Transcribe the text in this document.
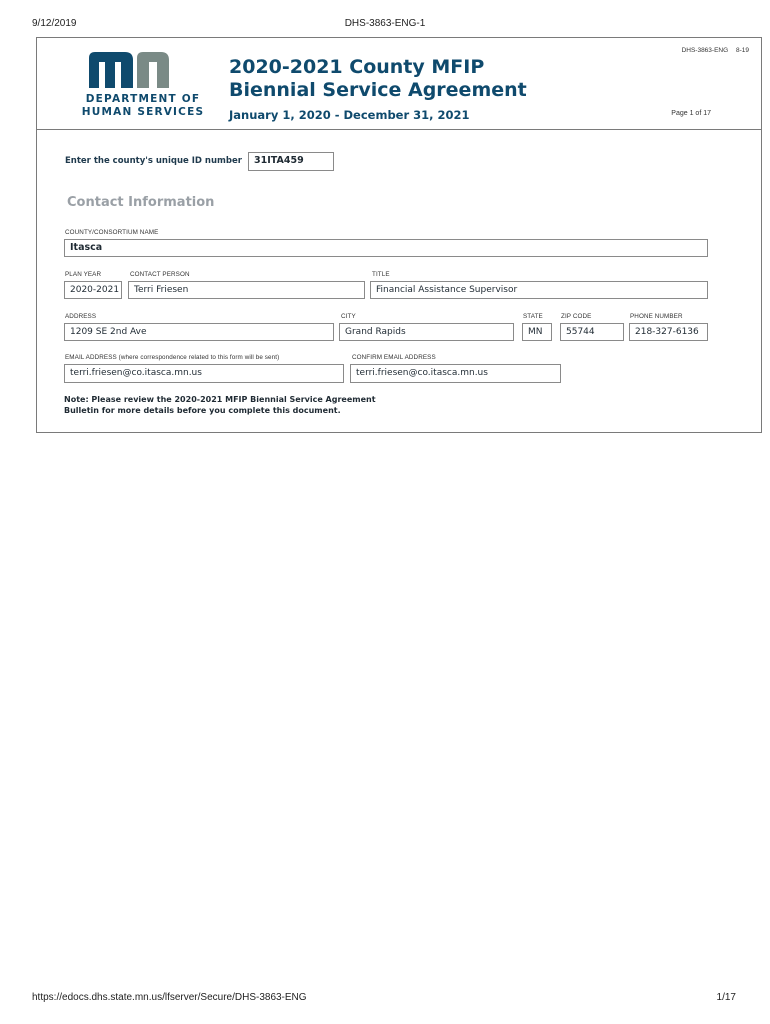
9/12/2019	DHS-3863-ENG-1
mn
DEPARTMENT OF
HUMAN SERVICES
2020-2021 County MFIP
Biennial Service Agreement
January 1, 2020 - December 31, 2021
DHS-3863-ENG 8-19
Page 1 of 17
Enter the county's unique ID number	31ITA459
Contact Information
COUNTY/CONSORTIUM NAME
Itasca
PLAN YEAR
2020-2021
CONTACT PERSON
Terri Friesen
TITLE
Financial Assistance Supervisor
ADDRESS
1209 SE 2nd Ave
CITY
Grand Rapids
STATE
MN
ZIP CODE
55744
PHONE NUMBER
218-327-6136
EMAIL ADDRESS (where correspondence related to this form will be sent)
terri.friesen@co.itasca.mn.us
CONFIRM EMAIL ADDRESS
terri.friesen@co.itasca.mn.us
Note: Please review the 2020-2021 MFIP Biennial Service Agreement
Bulletin for more details before you complete this document.
https://edocs.dhs.state.mn.us/lfserver/Secure/DHS-3863-ENG	1/17
